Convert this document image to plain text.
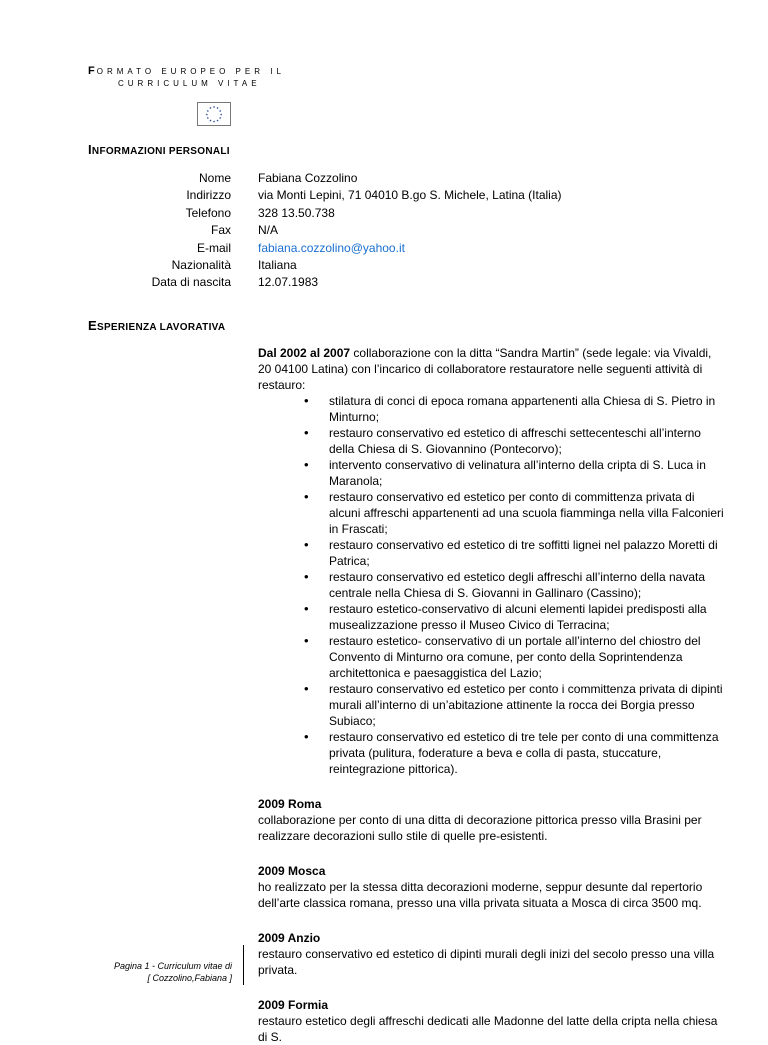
FORMATO EUROPEO PER IL
CURRICULUM VITAE
★ ★
★
★
★
★
★
★
★
★
★
★
INFORMAZIONI PERSONALI
Nome
Indirizzo
Telefono
Fax
E-mail
Nazionalità
Data di nascita
Fabiana Cozzolino
via Monti Lepini, 71 04010 B.go S. Michele, Latina (Italia)
328 13.50.738
N/A
fabiana.cozzolino@yahoo.it
Italiana
12.07.1983
ESPERIENZA LAVORATIVA

Dal 2002 al 2007 collaborazione con la ditta “Sandra Martin” (sede legale: via Vivaldi, 20 04100 Latina) con l’incarico di collaboratore restauratore nelle seguenti attività di restauro:

• stilatura di conci di epoca romana appartenenti alla Chiesa di S. Pietro in Minturno;
• restauro conservativo ed estetico di affreschi settecenteschi all’interno della Chiesa di S. Giovannino (Pontecorvo);
• intervento conservativo di velinatura all’interno della cripta di S. Luca in Maranola;
• restauro conservativo ed estetico per conto di committenza privata di alcuni affreschi appartenenti ad una scuola fiamminga nella villa Falconieri in Frascati;
• restauro conservativo ed estetico di tre soffitti lignei nel palazzo Moretti di Patrica;
• restauro conservativo ed estetico degli affreschi all’interno della navata centrale nella Chiesa di S. Giovanni in Gallinaro (Cassino);
• restauro estetico-conservativo di alcuni elementi lapidei predisposti alla musealizzazione presso il Museo Civico di Terracina;
• restauro estetico- conservativo di un portale all’interno del chiostro del Convento di Minturno ora comune, per conto della Soprintendenza architettonica e paesaggistica del Lazio;
• restauro conservativo ed estetico per conto i committenza privata di dipinti murali all’interno di un’abitazione attinente la rocca dei Borgia presso Subiaco;
• restauro conservativo ed estetico di tre tele per conto di una committenza privata (pulitura, foderature a beva e colla di pasta, stuccature, reintegrazione pittorica).
2009 Roma
collaborazione per conto di una ditta di decorazione pittorica presso villa Brasini per realizzare decorazioni sullo stile di quelle pre-esistenti.
2009 Mosca
ho realizzato per la stessa ditta decorazioni moderne, seppur desunte dal repertorio dell’arte classica romana, presso una villa privata situata a Mosca di circa 3500 mq.
2009 Anzio
restauro conservativo ed estetico di dipinti murali degli inizi del secolo presso una villa privata.
2009 Formia
restauro estetico degli affreschi dedicati alle Madonne del latte della cripta nella chiesa di S.
Pagina 1 - Curriculum vitae di
[ Cozzolino,Fabiana ]
